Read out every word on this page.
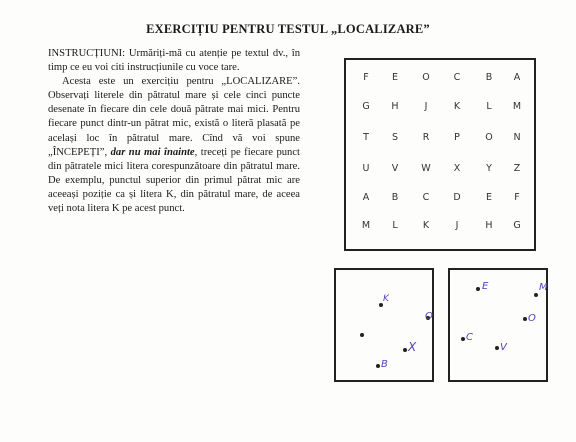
EXERCIȚIU PENTRU TESTUL „LOCALIZARE”

INSTRUCȚIUNI: Urmăriți-mă cu atenție pe textul dv., în timp ce eu voi citi instrucțiunile cu voce tare.

Acesta este un exercițiu pentru „LOCALIZARE”. Observați literele din pătratul mare și cele cinci puncte desenate în fiecare din cele două pătrate mai mici. Pentru fiecare punct dintr-un pătrat mic, există o literă plasată pe același loc în pătratul mare. Cînd vă voi spune „ÎNCEPEȚI”, dar nu mai înainte, treceți pe fiecare punct din pătratele mici litera corespunzătoare din pătratul mare. De exemplu, punctul superior din primul pătrat mic are aceeași poziție ca și litera K, din pătratul mare, de aceea veți nota litera K pe acest punct.

F	E	O	C	B	A
G	H	J	K	L	M
T	S	R	P	O	N
U	V	W	X	Y	Z
A	B	C	D	E	F
M	L	K	J	H	G
K
O
X
B
E	M
O
C
V
